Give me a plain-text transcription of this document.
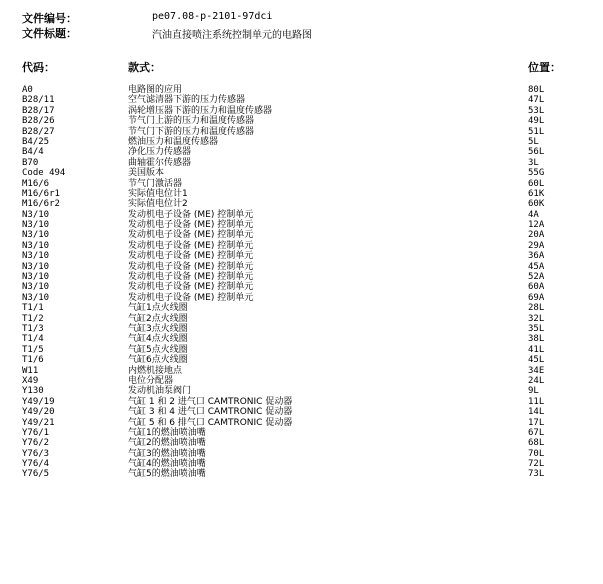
文件编号：	pe07.08-p-2101-97dci
文件标题：	汽油直接喷注系统控制单元的电路图
代码：	款式：	位置：
A0	电路图的应用	80L
B28/11	空气滤清器下游的压力传感器	47L
B28/17	涡轮增压器下游的压力和温度传感器	53L
B28/26	节气门上游的压力和温度传感器	49L
B28/27	节气门下游的压力和温度传感器	51L
B4/25	燃油压力和温度传感器	5L
B4/4	净化压力传感器	56L
B70	曲轴霍尔传感器	3L
Code 494	美国版本	55G
M16/6	节气门激活器	60L
M16/6r1	实际值电位计1	61K
M16/6r2	实际值电位计2	60K
N3/10	发动机电子设备 (ME) 控制单元	4A
N3/10	发动机电子设备 (ME) 控制单元	12A
N3/10	发动机电子设备 (ME) 控制单元	20A
N3/10	发动机电子设备 (ME) 控制单元	29A
N3/10	发动机电子设备 (ME) 控制单元	36A
N3/10	发动机电子设备 (ME) 控制单元	45A
N3/10	发动机电子设备 (ME) 控制单元	52A
N3/10	发动机电子设备 (ME) 控制单元	60A
N3/10	发动机电子设备 (ME) 控制单元	69A
T1/1	气缸1点火线圈	28L
T1/2	气缸2点火线圈	32L
T1/3	气缸3点火线圈	35L
T1/4	气缸4点火线圈	38L
T1/5	气缸5点火线圈	41L
T1/6	气缸6点火线圈	45L
W11	内燃机接地点	34E
X49	电位分配器	24L
Y130	发动机油泵阀门	9L
Y49/19	气缸 1 和 2 进气口 CAMTRONIC 促动器	11L
Y49/20	气缸 3 和 4 进气口 CAMTRONIC 促动器	14L
Y49/21	气缸 5 和 6 排气口 CAMTRONIC 促动器	17L
Y76/1	气缸1的燃油喷油嘴	67L
Y76/2	气缸2的燃油喷油嘴	68L
Y76/3	气缸3的燃油喷油嘴	70L
Y76/4	气缸4的燃油喷油嘴	72L
Y76/5	气缸5的燃油喷油嘴	73L
